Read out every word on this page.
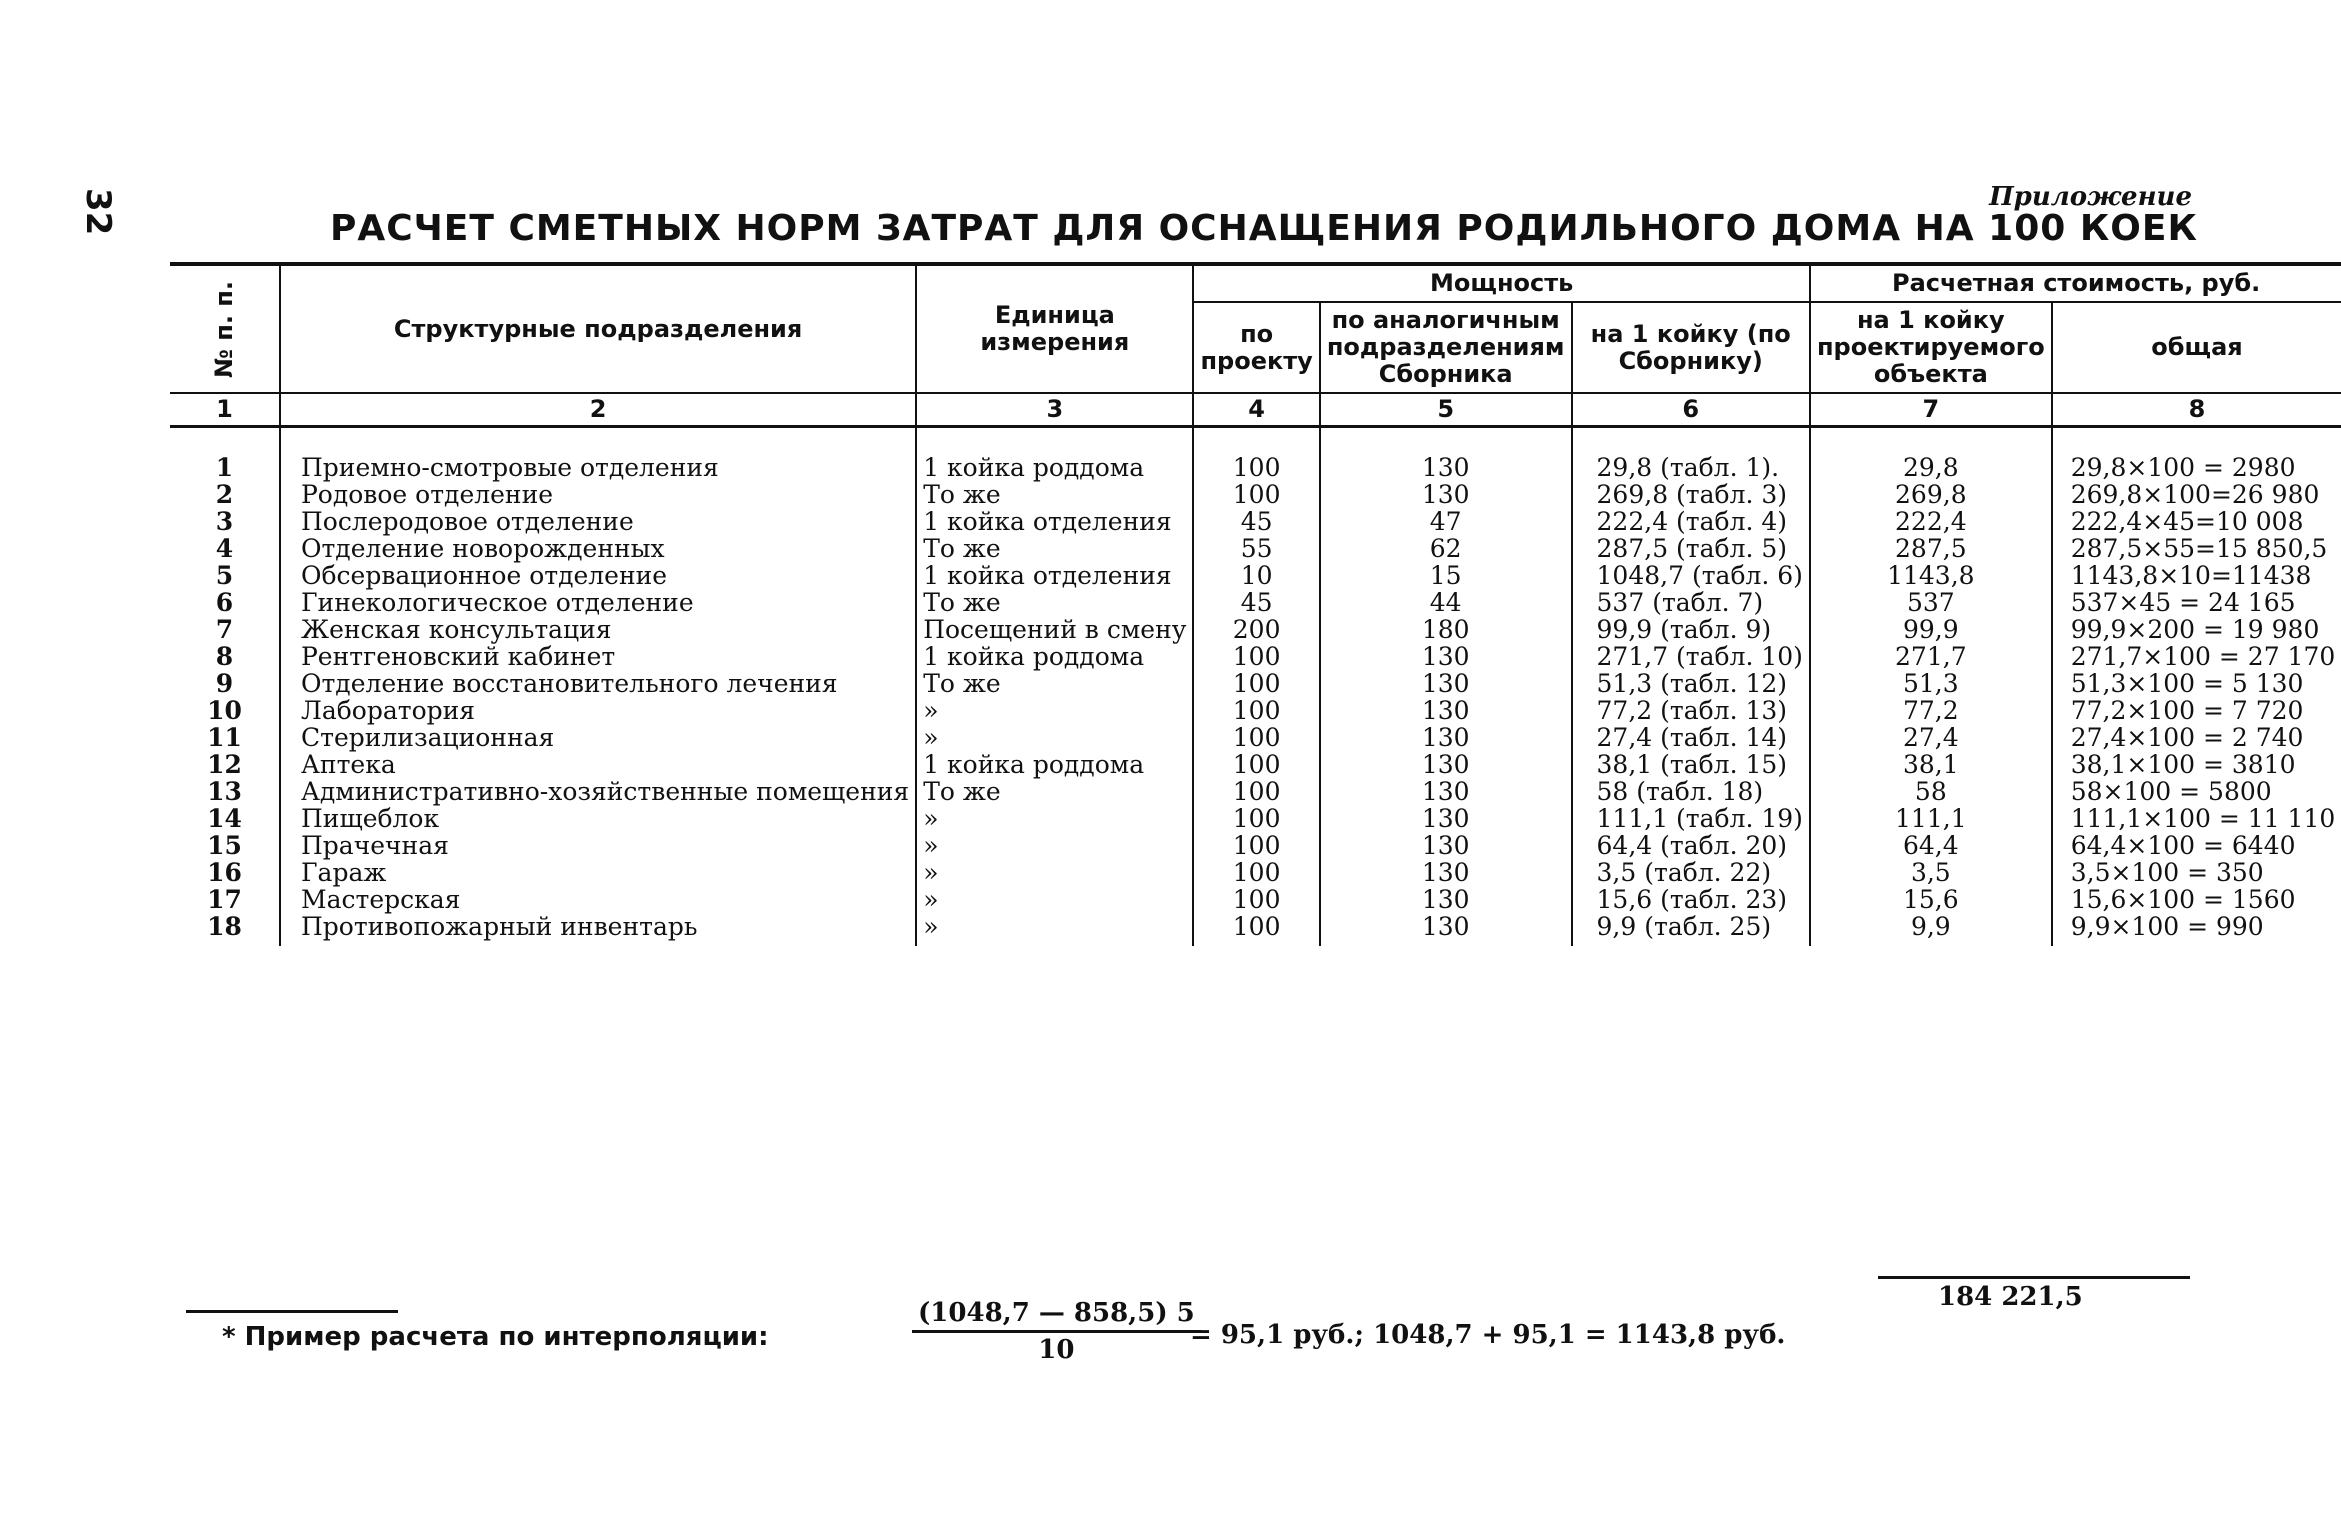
32	Приложение
РАСЧЕТ СМЕТНЫХ НОРМ ЗАТРАТ ДЛЯ ОСНАЩЕНИЯ РОДИЛЬНОГО ДОМА НА 100 КОЕК
№ п. п.	Структурные подразделения	Единица измерения	Мощность			Расчетная стоимость, руб.	
			по проекту	по аналогичным подразделениям Сборника	на 1 койку (по Сборнику)	на 1 койку проектируемого объекта	общая
1	2	3	4	5	6	7	8

1	Приемно-смотровые отделения	1 койка роддома	100	130	29,8 (табл. 1).	29,8	29,8×100 = 2980
2	Родовое отделение	То же	100	130	269,8 (табл. 3)	269,8	269,8×100=26 980
3	Послеродовое отделение	1 койка отделения	45	47	222,4 (табл. 4)	222,4	222,4×45=10 008
4	Отделение новорожденных	То же	55	62	287,5 (табл. 5)	287,5	287,5×55=15 850,5
5	Обсервационное отделение	1 койка отделения	10	15	1048,7 (табл. 6)	1143,8	1143,8×10=11438
6	Гинекологическое отделение	То же	45	44	537 (табл. 7)	537	537×45 = 24 165
7	Женская консультация	Посещений в смену	200	180	99,9 (табл. 9)	99,9	99,9×200 = 19 980
8	Рентгеновский кабинет	1 койка роддома	100	130	271,7 (табл. 10)	271,7	271,7×100 = 27 170
9	Отделение восстановительного лечения	То же	100	130	51,3 (табл. 12)	51,3	51,3×100 = 5 130
10	Лаборатория	»	100	130	77,2 (табл. 13)	77,2	77,2×100 = 7 720
11	Стерилизационная	»	100	130	27,4 (табл. 14)	27,4	27,4×100 = 2 740
12	Аптека	1 койка роддома	100	130	38,1 (табл. 15)	38,1	38,1×100 = 3810
13	Административно-хозяйственные помещения	То же	100	130	58 (табл. 18)	58	58×100 = 5800
14	Пищеблок	»	100	130	111,1 (табл. 19)	111,1	111,1×100 = 11 110
15	Прачечная	»	100	130	64,4 (табл. 20)	64,4	64,4×100 = 6440
16	Гараж	»	100	130	3,5 (табл. 22)	3,5	3,5×100 = 350
17	Мастерская	»	100	130	15,6 (табл. 23)	15,6	15,6×100 = 1560
18	Противопожарный инвентарь	»	100	130	9,9 (табл. 25)	9,9	9,9×100 = 990
184 221,5
* Пример расчета по интерполяции:	$\frac{(1048,7 — 858,5) 5}{10}$
= 95,1 руб.; 1048,7 + 95,1 = 1143,8 руб.
